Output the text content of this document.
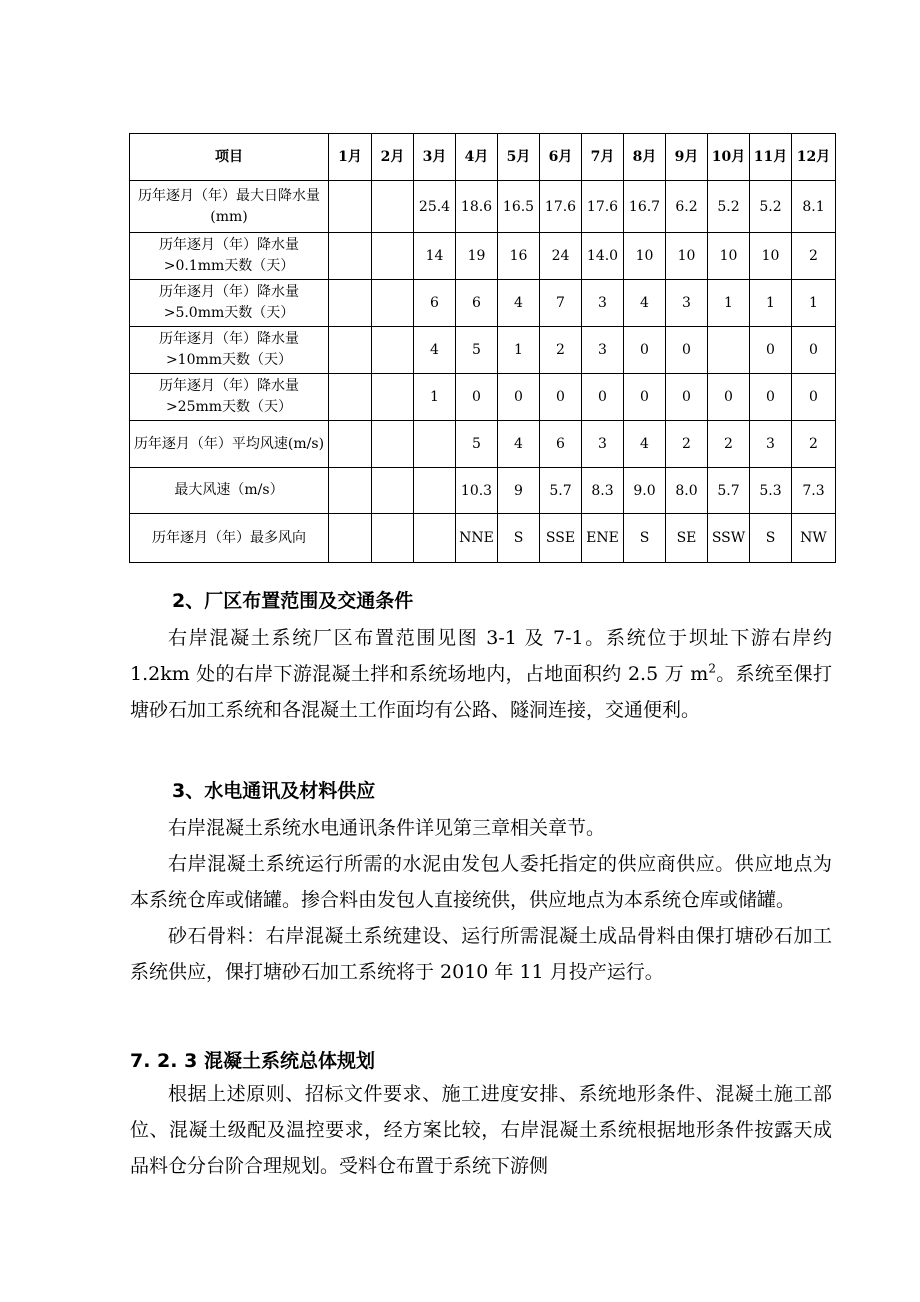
项目	1月	2月	3月	4月	5月	6月	7月	8月	9月	10月	11月	12月
历年逐月（年）最大日降水量(mm)			25.4	18.6	16.5	17.6	17.6	16.7	6.2	5.2	5.2	8.1
历年逐月（年）降水量>0.1mm天数（天）			14	19	16	24	14.0	10	10	10	10	2
历年逐月（年）降水量>5.0mm天数（天）			6	6	4	7	3	4	3	1	1	1
历年逐月（年）降水量>10mm天数（天）			4	5	1	2	3	0	0		0	0
历年逐月（年）降水量>25mm天数（天）			1	0	0	0	0	0	0	0	0	0
历年逐月（年）平均风速(m/s)				5	4	6	3	4	2	2	3	2
最大风速（m/s）				10.3	9	5.7	8.3	9.0	8.0	5.7	5.3	7.3
历年逐月（年）最多风向				NNE	S	SSE	ENE	S	SE	SSW	S	NW
2、厂区布置范围及交通条件

右岸混凝土系统厂区布置范围见图 3-1 及 7-1。系统位于坝址下游右岸约 1.2km 处的右岸下游混凝土拌和系统场地内，占地面积约 2.5 万 $m^2$。系统至倮打塘砂石加工系统和各混凝土工作面均有公路、隧洞连接，交通便利。

3、水电通讯及材料供应

右岸混凝土系统水电通讯条件详见第三章相关章节。

右岸混凝土系统运行所需的水泥由发包人委托指定的供应商供应。供应地点为本系统仓库或储罐。掺合料由发包人直接统供，供应地点为本系统仓库或储罐。

砂石骨料：右岸混凝土系统建设、运行所需混凝土成品骨料由倮打塘砂石加工系统供应，倮打塘砂石加工系统将于 2010 年 11 月投产运行。

7. 2. 3 混凝土系统总体规划

根据上述原则、招标文件要求、施工进度安排、系统地形条件、混凝土施工部位、混凝土级配及温控要求，经方案比较，右岸混凝土系统根据地形条件按露天成品料仓分台阶合理规划。受料仓布置于系统下游侧
